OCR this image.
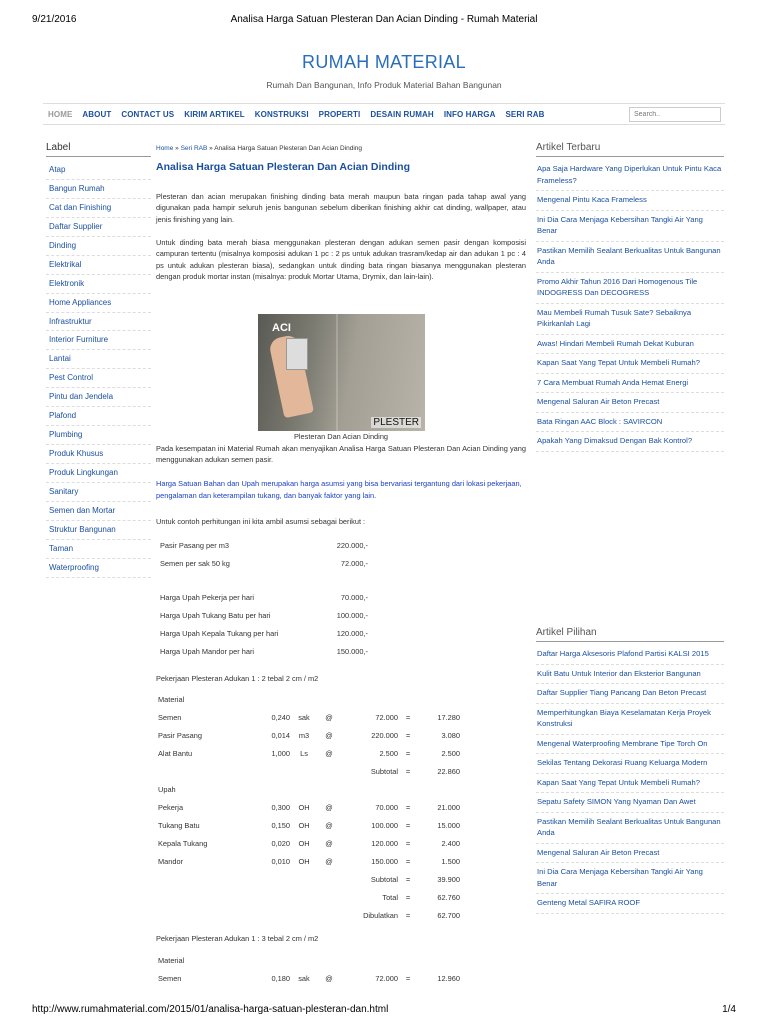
9/21/2016	Analisa Harga Satuan Plesteran Dan Acian Dinding - Rumah Material
RUMAH MATERIAL
Rumah Dan Bangunan, Info Produk Material Bahan Bangunan
HOME ABOUT CONTACT US KIRIM ARTIKEL KONSTRUKSI PROPERTI DESAIN RUMAH INFO HARGA SERI RAB
Search..
Label
Atap
Bangun Rumah
Cat dan Finishing
Daftar Supplier
Dinding
Elektrikal
Elektronik
Home Appliances
Infrastruktur
Interior Furniture
Lantai
Pest Control
Pintu dan Jendela
Plafond
Plumbing
Produk Khusus
Produk Lingkungan
Sanitary
Semen dan Mortar
Struktur Bangunan
Taman
Waterproofing
Home » Seri RAB » Analisa Harga Satuan Plesteran Dan Acian Dinding
Analisa Harga Satuan Plesteran Dan Acian Dinding

Plesteran dan acian merupakan finishing dinding bata merah maupun bata ringan pada tahap awal yang digunakan pada hampir seluruh jenis bangunan sebelum diberikan finishing akhir cat dinding, wallpaper, atau jenis finishing yang lain.

Untuk dinding bata merah biasa menggunakan plesteran dengan adukan semen pasir dengan komposisi campuran tertentu (misalnya komposisi adukan 1 pc : 2 ps untuk adukan trasram/kedap air dan adukan 1 pc : 4 ps untuk adukan plesteran biasa), sedangkan untuk dinding bata ringan biasanya menggunakan plesteran dengan produk mortar instan (misalnya: produk Mortar Utama, Drymix, dan lain-lain).

ACI
PLESTER
Plesteran Dan Acian Dinding

Pada kesempatan ini Material Rumah akan menyajikan Analisa Harga Satuan Plesteran Dan Acian Dinding yang menggunakan adukan semen pasir.

Harga Satuan Bahan dan Upah merupakan harga asumsi yang bisa bervariasi tergantung dari lokasi pekerjaan, pengalaman dan keterampilan tukang, dan banyak faktor yang lain.

Untuk contoh perhitungan ini kita ambil asumsi sebagai berikut :
Pasir Pasang per m3	220.000,-
Semen per sak 50 kg	72.000,-
Harga Upah Pekerja per hari	70.000,-
Harga Upah Tukang Batu per hari	100.000,-
Harga Upah Kepala Tukang per hari	120.000,-
Harga Upah Mandor per hari	150.000,-
Pekerjaan Plesteran Adukan 1 : 2 tebal 2 cm / m2
Material						
Semen	0,240	sak	@	72.000	=	17.280
Pasir Pasang	0,014	m3	@	220.000	=	3.080
Alat Bantu	1,000	Ls	@	2.500	=	2.500
				Subtotal	=	22.860
Upah						
Pekerja	0,300	OH	@	70.000	=	21.000
Tukang Batu	0,150	OH	@	100.000	=	15.000
Kepala Tukang	0,020	OH	@	120.000	=	2.400
Mandor	0,010	OH	@	150.000	=	1.500
				Subtotal	=	39.900
				Total	=	62.760
				Dibulatkan	=	62.700
Pekerjaan Plesteran Adukan 1 : 3 tebal 2 cm / m2
Material						
Semen	0,180	sak	@	72.000	=	12.960
Artikel Terbaru
Apa Saja Hardware Yang Diperlukan Untuk Pintu Kaca Frameless?
Mengenal Pintu Kaca Frameless
Ini Dia Cara Menjaga Kebersihan Tangki Air Yang Benar
Pastikan Memilih Sealant Berkualitas Untuk Bangunan Anda
Promo Akhir Tahun 2016 Dari Homogenous Tile INDOGRESS Dan DECOGRESS
Mau Membeli Rumah Tusuk Sate? Sebaiknya Pikirkanlah Lagi
Awas! Hindari Membeli Rumah Dekat Kuburan
Kapan Saat Yang Tepat Untuk Membeli Rumah?
7 Cara Membuat Rumah Anda Hemat Energi
Mengenal Saluran Air Beton Precast
Bata Ringan AAC Block : SAVIRCON
Apakah Yang Dimaksud Dengan Bak Kontrol?
Artikel Pilihan
Daftar Harga Aksesoris Plafond Partisi KALSI 2015
Kulit Batu Untuk Interior dan Eksterior Bangunan
Daftar Supplier Tiang Pancang Dan Beton Precast
Memperhitungkan Biaya Keselamatan Kerja Proyek Konstruksi
Mengenal Waterproofing Membrane Tipe Torch On
Sekilas Tentang Dekorasi Ruang Keluarga Modern
Kapan Saat Yang Tepat Untuk Membeli Rumah?
Sepatu Safety SIMON Yang Nyaman Dan Awet
Pastikan Memilih Sealant Berkualitas Untuk Bangunan Anda
Mengenal Saluran Air Beton Precast
Ini Dia Cara Menjaga Kebersihan Tangki Air Yang Benar
Genteng Metal SAFIRA ROOF
http://www.rumahmaterial.com/2015/01/analisa-harga-satuan-plesteran-dan.html	1/4
